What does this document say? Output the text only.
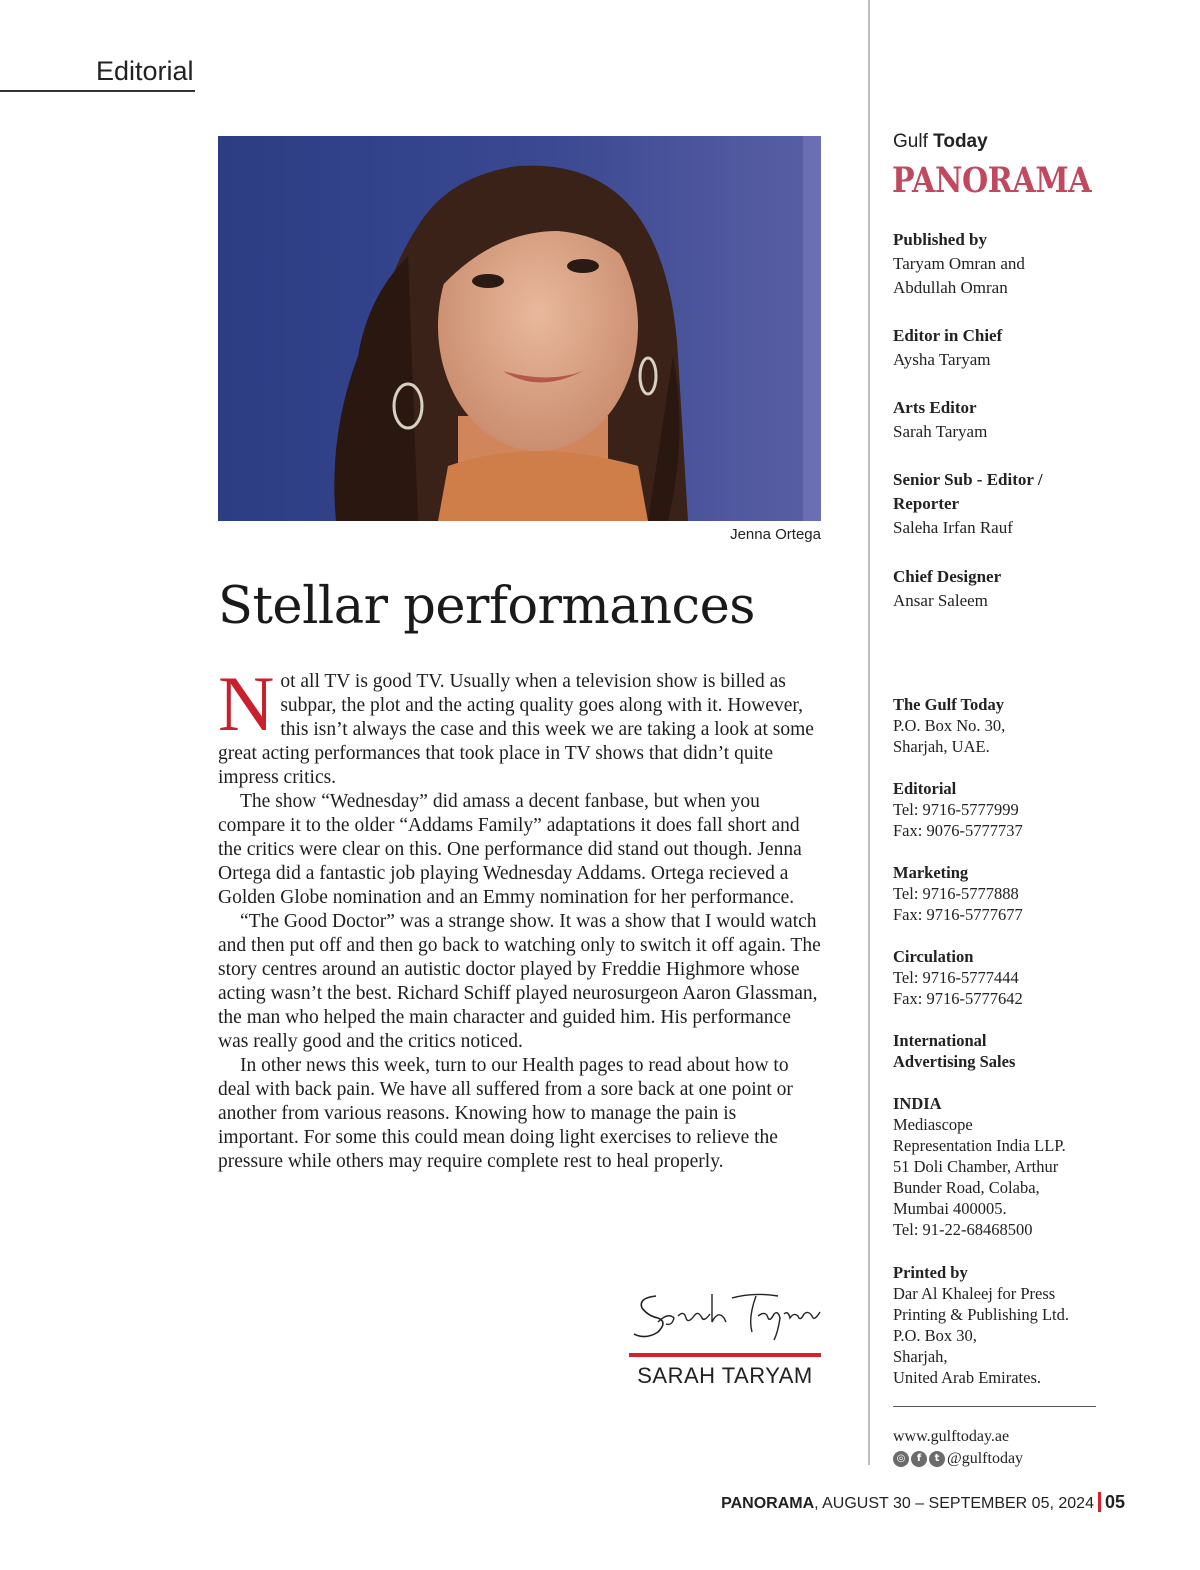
Editorial
Jenna Ortega
Stellar performances

Not all TV is good TV. Usually when a television show is billed as subpar, the plot and the acting quality goes along with it. However, this isn’t always the case and this week we are taking a look at some great acting performances that took place in TV shows that didn’t quite impress critics.

The show “Wednesday” did amass a decent fanbase, but when you compare it to the older “Addams Family” adaptations it does fall short and the critics were clear on this. One performance did stand out though. Jenna Ortega did a fantastic job playing Wednesday Addams. Ortega recieved a Golden Globe nomination and an Emmy nomination for her performance.

“The Good Doctor” was a strange show. It was a show that I would watch and then put off and then go back to watching only to switch it off again. The story centres around an autistic doctor played by Freddie Highmore whose acting wasn’t the best. Richard Schiff played neurosurgeon Aaron Glassman, the man who helped the main character and guided him. His performance was really good and the critics noticed.

In other news this week, turn to our Health pages to read about how to deal with back pain. We have all suffered from a sore back at one point or another from various reasons. Knowing how to manage the pain is important. For some this could mean doing light exercises to relieve the pressure while others may require complete rest to heal properly.

SARAH TARYAM
Gulf Today
PANORAMA
Published by
Taryam Omran and
Abdullah Omran
Editor in Chief
Aysha Taryam
Arts Editor
Sarah Taryam
Senior Sub - Editor /
Reporter
Saleha Irfan Rauf
Chief Designer
Ansar Saleem
The Gulf Today
P.O. Box No. 30,
Sharjah, UAE.
Editorial
Tel: 9716-5777999
Fax: 9076-5777737
Marketing
Tel: 9716-5777888
Fax: 9716-5777677
Circulation
Tel: 9716-5777444
Fax: 9716-5777642
International
Advertising Sales
INDIA
Mediascope
Representation India LLP.
51 Doli Chamber, Arthur
Bunder Road, Colaba,
Mumbai 400005.
Tel: 91-22-68468500
Printed by
Dar Al Khaleej for Press
Printing & Publishing Ltd.
P.O. Box 30,
Sharjah,
United Arab Emirates.
www.gulftoday.ae
◎	f	t @gulftoday
PANORAMA, AUGUST 30 – SEPTEMBER 05, 2024 05
